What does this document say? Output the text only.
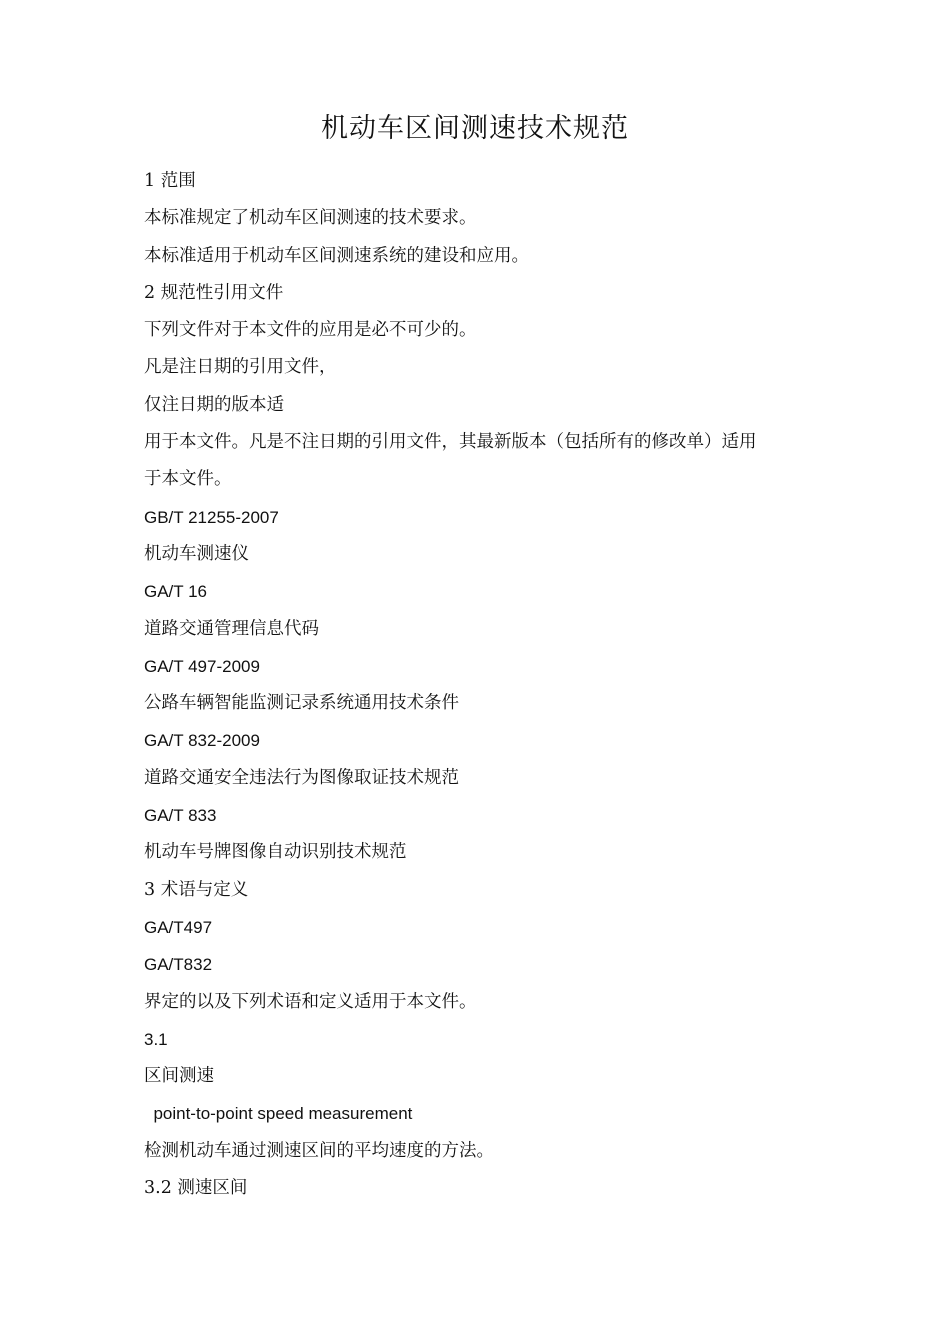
机动车区间测速技术规范
1 范围
本标准规定了机动车区间测速的技术要求。
本标准适用于机动车区间测速系统的建设和应用。
2 规范性引用文件
下列文件对于本文件的应用是必不可少的。
凡是注日期的引用文件，
仅注日期的版本适
用于本文件。凡是不注日期的引用文件，其最新版本（包括所有的修改单）适用
于本文件。
GB/T 21255-2007
机动车测速仪
GA/T 16
道路交通管理信息代码
GA/T 497-2009
公路车辆智能监测记录系统通用技术条件
GA/T 832-2009
道路交通安全违法行为图像取证技术规范
GA/T 833
机动车号牌图像自动识别技术规范
3 术语与定义
GA/T497
GA/T832
界定的以及下列术语和定义适用于本文件。
3.1
区间测速
point-to-point speed measurement
检测机动车通过测速区间的平均速度的方法。
3.2 测速区间
